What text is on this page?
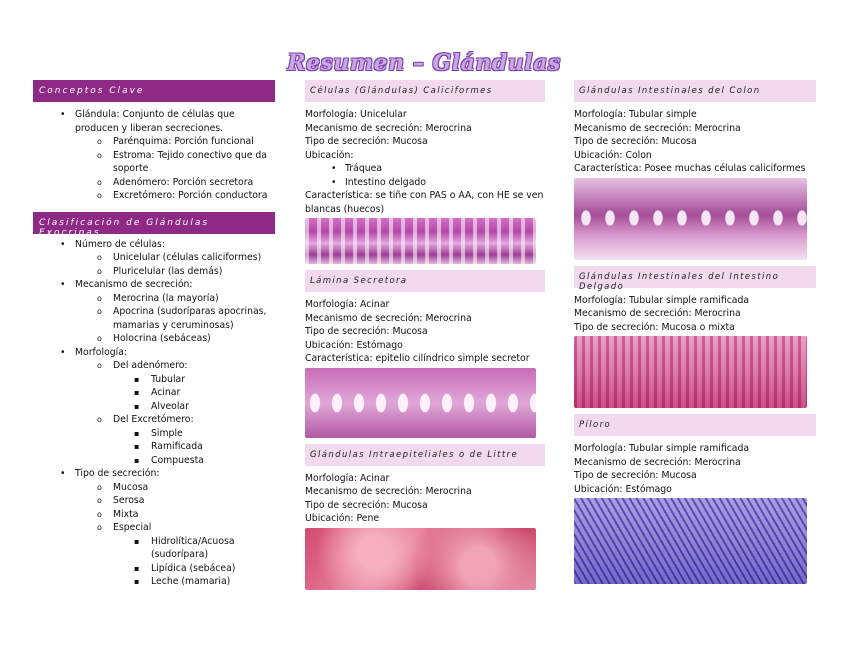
Resumen – Glándulas
Conceptos Clave
• Glándula: Conjunto de células que producen y liberan secreciones.
o Parénquima: Porción funcional
o Estroma: Tejido conectivo que da soporte
o Adenómero: Porción secretora
o Excretómero: Porción conductora
Clasificación de Glándulas Exocrinas
• Número de células:
o Unicelular (células caliciformes)
o Pluricelular (las demás)
• Mecanismo de secreción:
o Merocrina (la mayoría)
o Apocrina (sudoríparas apocrinas, mamarias y ceruminosas)
o Holocrina (sebáceas)
• Morfología:
o Del adenómero:
▪ Tubular
▪ Acinar
▪ Alveolar
o Del Excretómero:
▪ Simple
▪ Ramificada
▪ Compuesta
• Tipo de secreción:
o Mucosa
o Serosa
o Mixta
o Especial
▪ Hidrolítica/Acuosa (sudorípara)
▪ Lipídica (sebácea)
▪ Leche (mamaria)
Células (Glándulas) Caliciformes

Morfología: Unicelular

Mecanismo de secreción: Merocrina

Tipo de secreción: Mucosa

Ubicación:

• Tráquea
• Intestino delgado

Característica: se tiñe con PAS o AA, con HE se ven blancas (huecos)

Lámina Secretora

Morfología: Acinar

Mecanismo de secreción: Merocrina

Tipo de secreción: Mucosa

Ubicación: Estómago

Característica: epitelio cilíndrico simple secretor

Glándulas Intraepiteliales o de Littre

Morfología: Acinar

Mecanismo de secreción: Merocrina

Tipo de secreción: Mucosa

Ubicación: Pene

Glándulas Intestinales del Colon

Morfología: Tubular simple

Mecanismo de secreción: Merocrina

Tipo de secreción: Mucosa

Ubicación: Colon

Característica: Posee muchas células caliciformes

Glándulas Intestinales del Intestino Delgado

Morfología: Tubular simple ramificada

Mecanismo de secreción: Merocrina

Tipo de secreción: Mucosa o mixta

Píloro

Morfología: Tubular simple ramificada

Mecanismo de secreción: Merocrina

Tipo de secreción: Mucosa

Ubicación: Estómago
